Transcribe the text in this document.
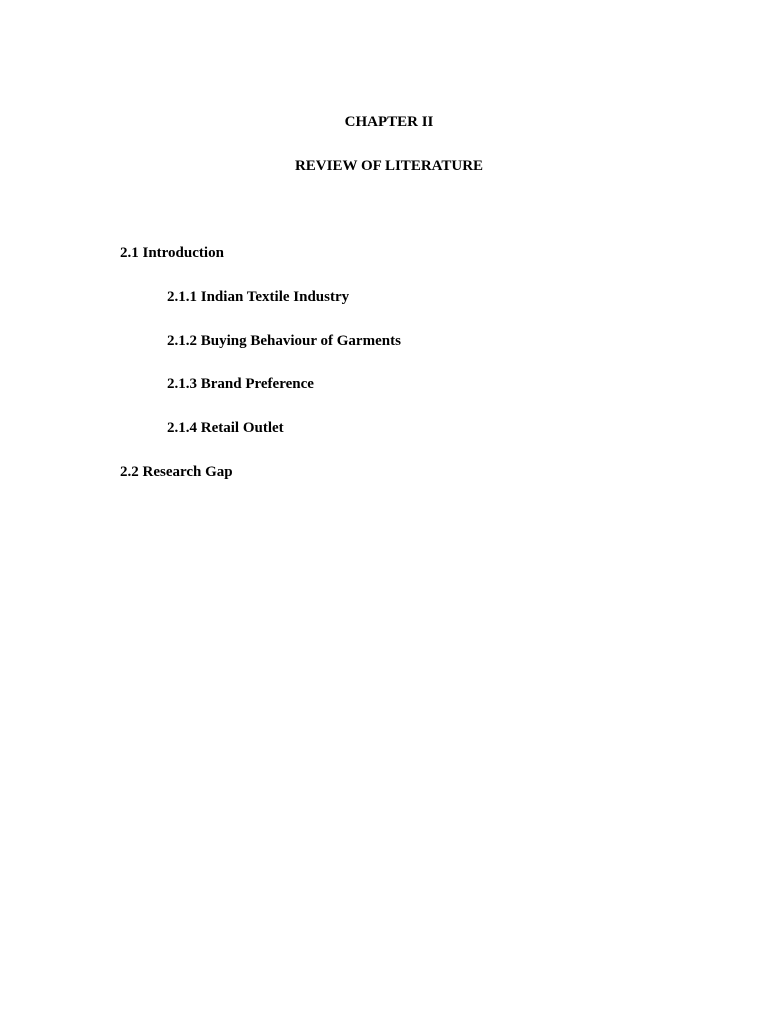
CHAPTER II
REVIEW OF LITERATURE
2.1 Introduction
2.1.1 Indian Textile Industry
2.1.2 Buying Behaviour of Garments
2.1.3 Brand Preference
2.1.4 Retail Outlet
2.2 Research Gap
